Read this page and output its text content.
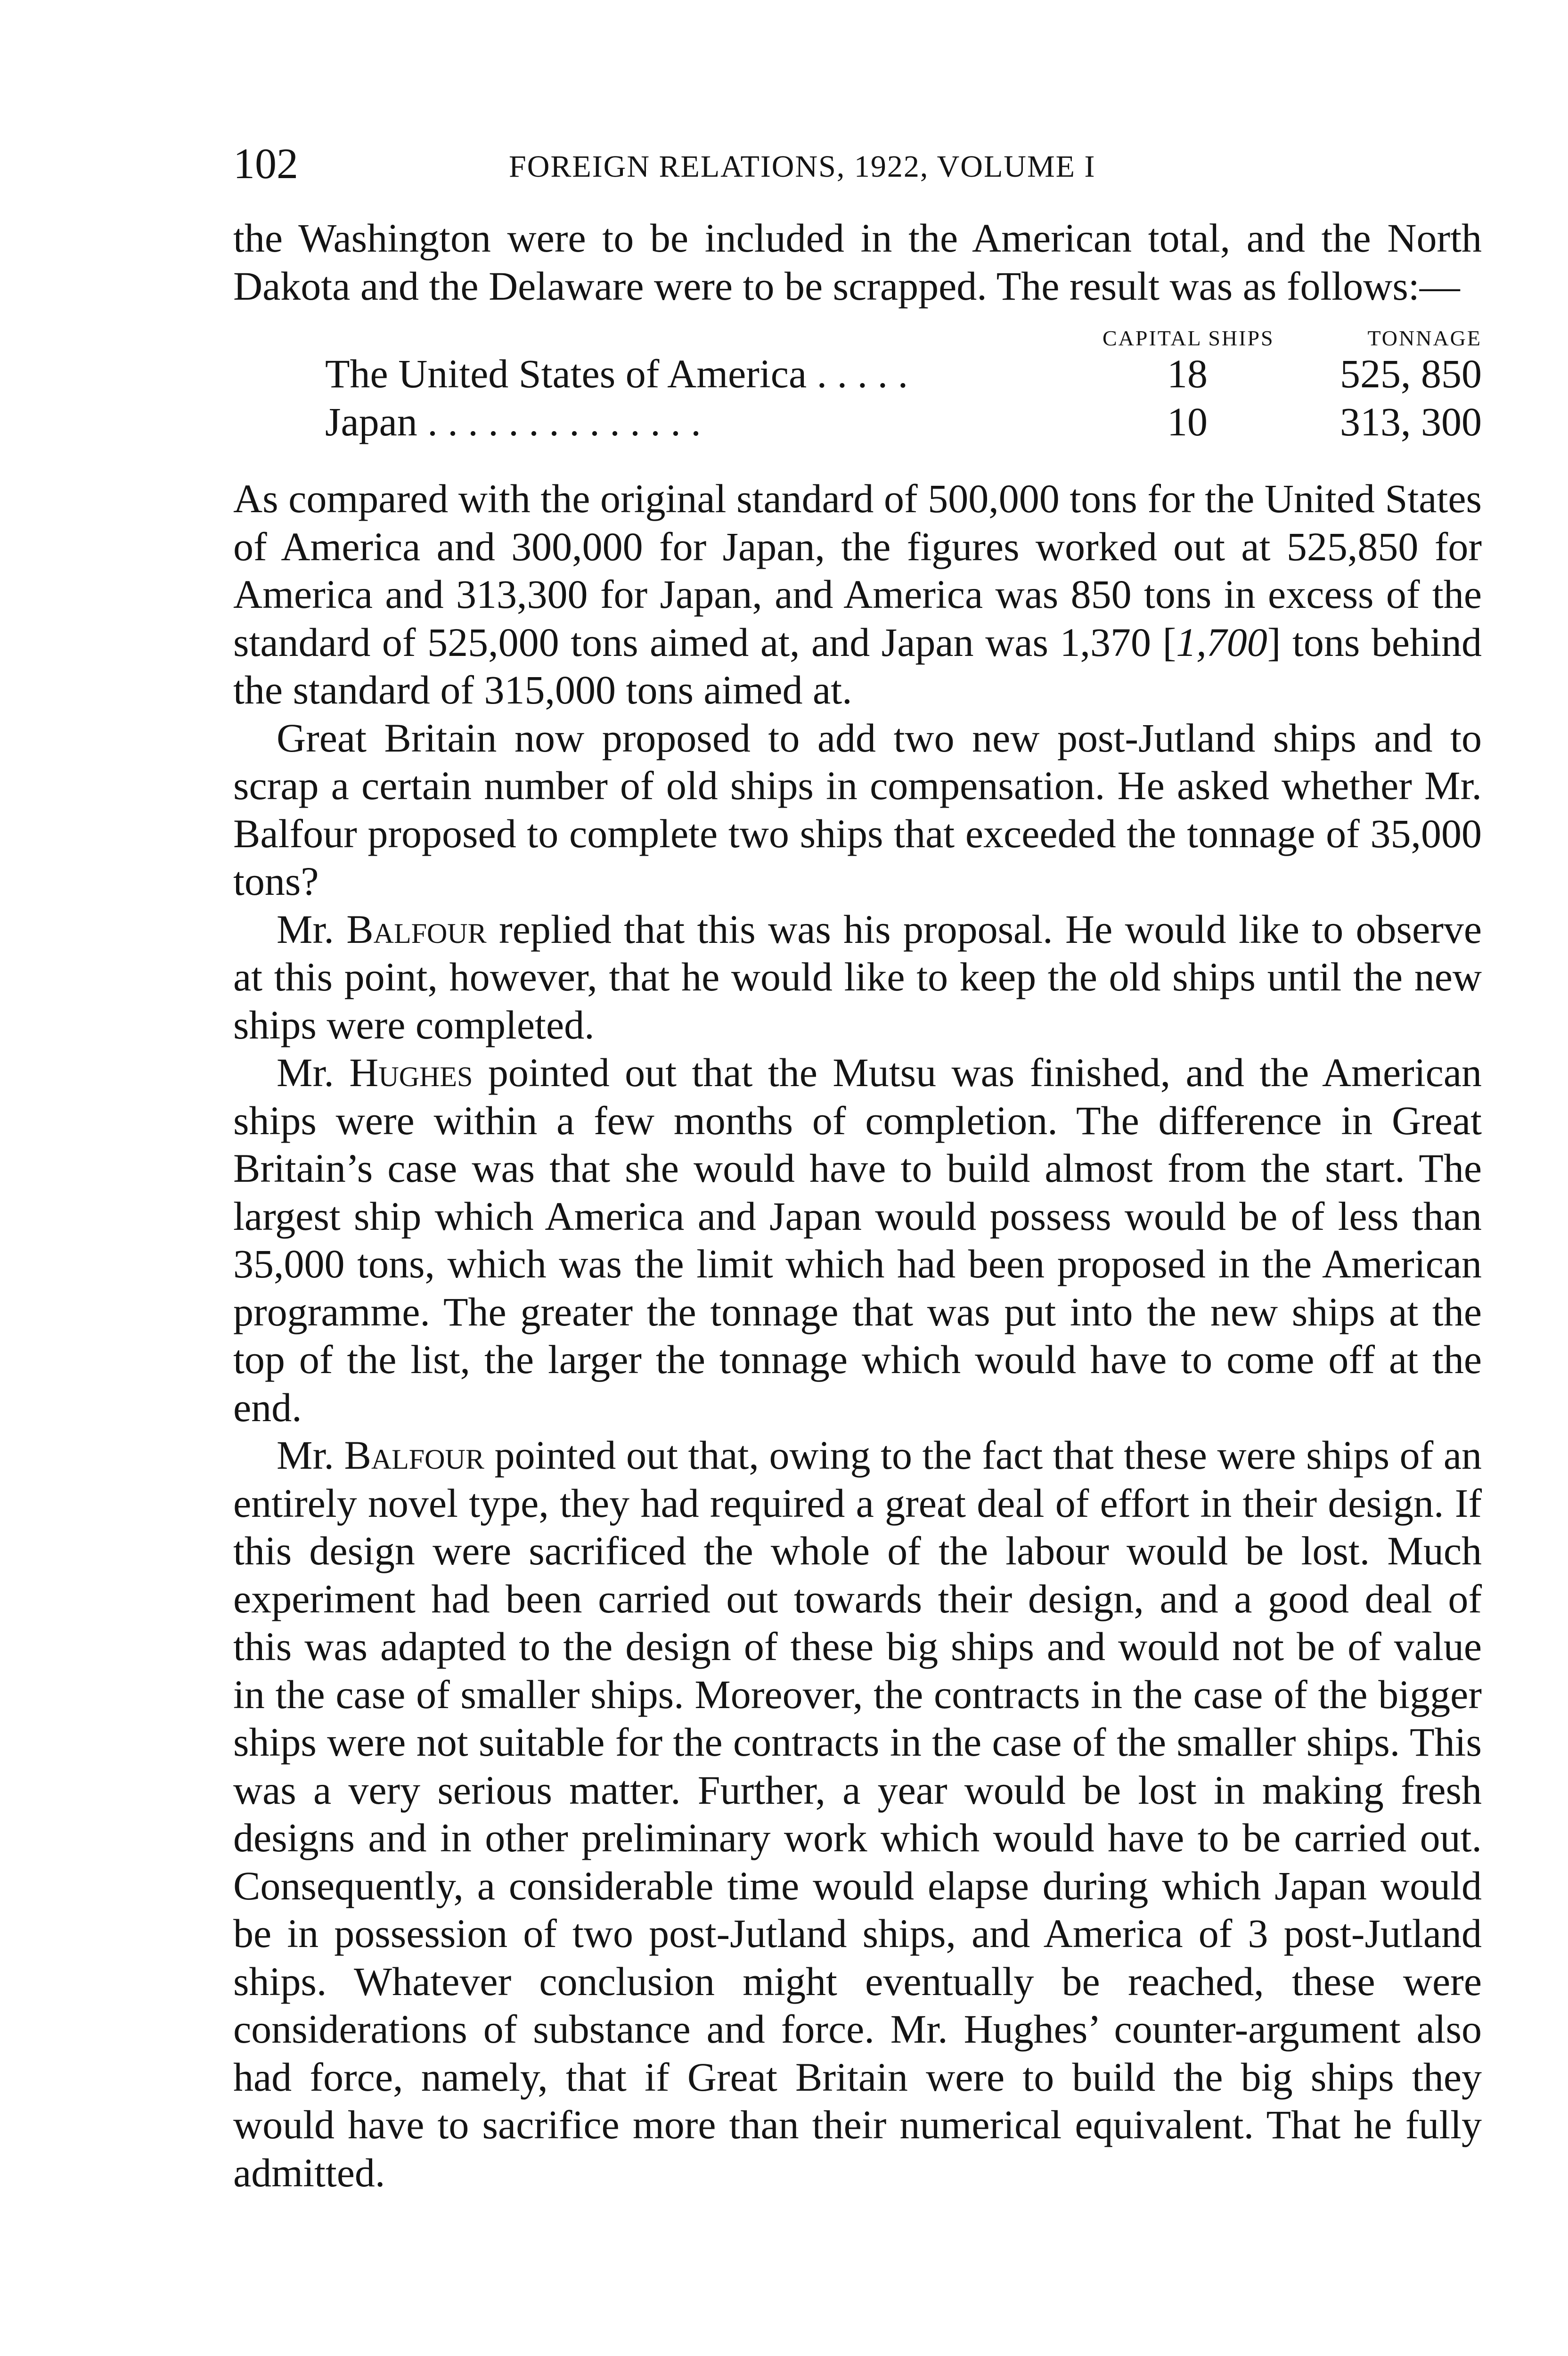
102	FOREIGN RELATIONS, 1922, VOLUME I

the Washington were to be included in the American total, and the North Dakota and the Delaware were to be scrapped. The result was as follows:—

CAPITAL SHIPS	TONNAGE
The United States of America . . . . .	18	525, 850
Japan . . . . . . . . . . . . . .	10	313, 300

As compared with the original standard of 500,000 tons for the United States of America and 300,000 for Japan, the figures worked out at 525,850 for America and 313,300 for Japan, and America was 850 tons in excess of the standard of 525,000 tons aimed at, and Japan was 1,370 [1,700] tons behind the standard of 315,000 tons aimed at.

Great Britain now proposed to add two new post-Jutland ships and to scrap a certain number of old ships in compensation. He asked whether Mr. Balfour proposed to complete two ships that exceeded the tonnage of 35,000 tons?

Mr. Balfour replied that this was his proposal. He would like to observe at this point, however, that he would like to keep the old ships until the new ships were completed.

Mr. Hughes pointed out that the Mutsu was finished, and the American ships were within a few months of completion. The difference in Great Britain’s case was that she would have to build almost from the start. The largest ship which America and Japan would possess would be of less than 35,000 tons, which was the limit which had been proposed in the American programme. The greater the tonnage that was put into the new ships at the top of the list, the larger the tonnage which would have to come off at the end.

Mr. Balfour pointed out that, owing to the fact that these were ships of an entirely novel type, they had required a great deal of effort in their design. If this design were sacrificed the whole of the labour would be lost. Much experiment had been carried out towards their design, and a good deal of this was adapted to the design of these big ships and would not be of value in the case of smaller ships. Moreover, the contracts in the case of the bigger ships were not suitable for the contracts in the case of the smaller ships. This was a very serious matter. Further, a year would be lost in making fresh designs and in other preliminary work which would have to be carried out. Consequently, a considerable time would elapse during which Japan would be in possession of two post-Jutland ships, and America of 3 post-Jutland ships. Whatever conclusion might eventually be reached, these were considerations of substance and force. Mr. Hughes’ counter-argument also had force, namely, that if Great Britain were to build the big ships they would have to sacrifice more than their numerical equivalent. That he fully admitted.
